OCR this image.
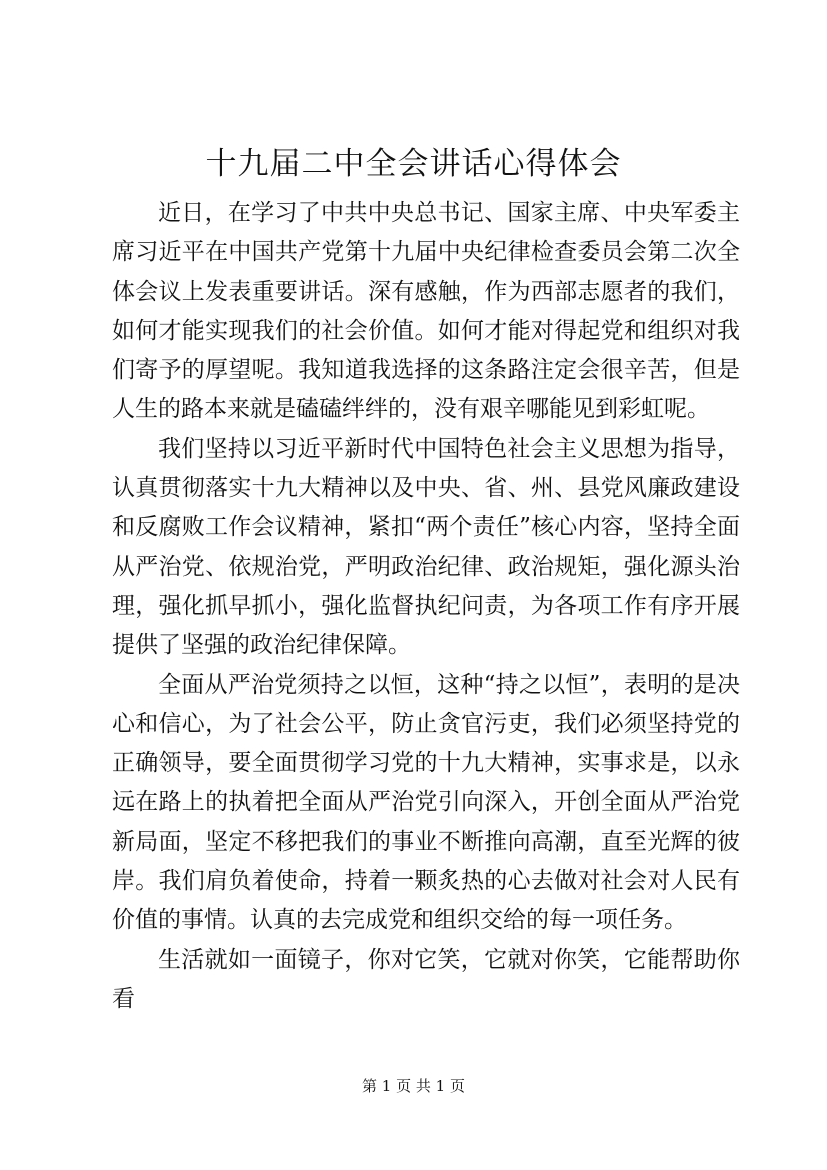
十九届二中全会讲话心得体会

近日，在学习了中共中央总书记、国家主席、中央军委主席习近平在中国共产党第十九届中央纪律检查委员会第二次全体会议上发表重要讲话。深有感触，作为西部志愿者的我们，如何才能实现我们的社会价值。如何才能对得起党和组织对我们寄予的厚望呢。我知道我选择的这条路注定会很辛苦，但是人生的路本来就是磕磕绊绊的，没有艰辛哪能见到彩虹呢。

我们坚持以习近平新时代中国特色社会主义思想为指导，认真贯彻落实十九大精神以及中央、省、州、县党风廉政建设和反腐败工作会议精神，紧扣“两个责任”核心内容，坚持全面从严治党、依规治党，严明政治纪律、政治规矩，强化源头治理，强化抓早抓小，强化监督执纪问责，为各项工作有序开展提供了坚强的政治纪律保障。

全面从严治党须持之以恒，这种“持之以恒”，表明的是决心和信心，为了社会公平，防止贪官污吏，我们必须坚持党的正确领导，要全面贯彻学习党的十九大精神，实事求是，以永远在路上的执着把全面从严治党引向深入，开创全面从严治党新局面，坚定不移把我们的事业不断推向高潮，直至光辉的彼岸。我们肩负着使命，持着一颗炙热的心去做对社会对人民有价值的事情。认真的去完成党和组织交给的每一项任务。

生活就如一面镜子，你对它笑，它就对你笑，它能帮助你看

第 1 页 共 1 页
